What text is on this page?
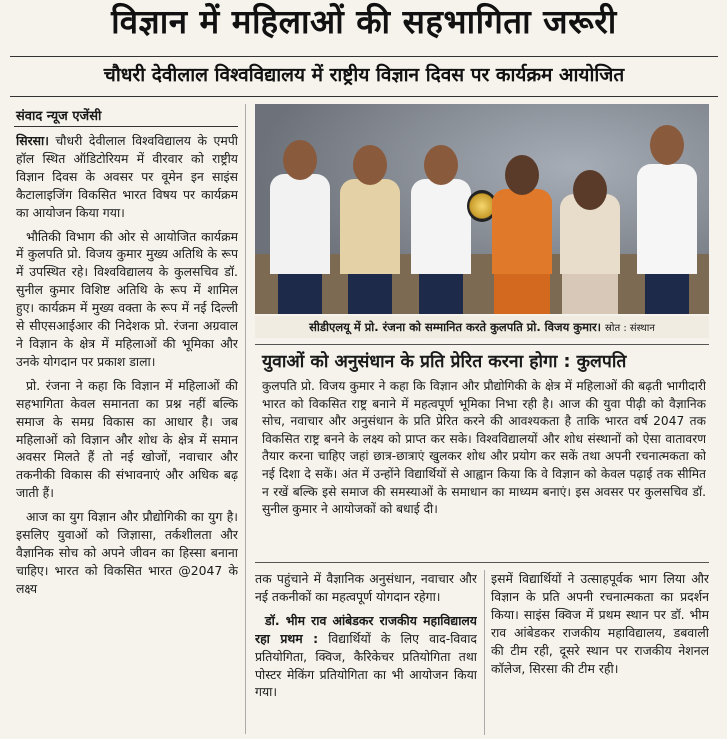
विज्ञान में महिलाओं की सहभागिता जरूरी
चौधरी देवीलाल विश्वविद्यालय में राष्ट्रीय विज्ञान दिवस पर कार्यक्रम आयोजित
संवाद न्यूज एजेंसी

सिरसा। चौधरी देवीलाल विश्वविद्यालय के एमपी हॉल स्थित ऑडिटोरियम में वीरवार को राष्ट्रीय विज्ञान दिवस के अवसर पर वूमेन इन साइंस कैटालाइजिंग विकसित भारत विषय पर कार्यक्रम का आयोजन किया गया।

भौतिकी विभाग की ओर से आयोजित कार्यक्रम में कुलपति प्रो. विजय कुमार मुख्य अतिथि के रूप में उपस्थित रहे। विश्वविद्यालय के कुलसचिव डॉ. सुनील कुमार विशिष्ट अतिथि के रूप में शामिल हुए। कार्यक्रम में मुख्य वक्ता के रूप में नई दिल्ली से सीएसआईआर की निदेशक प्रो. रंजना अग्रवाल ने विज्ञान के क्षेत्र में महिलाओं की भूमिका और उनके योगदान पर प्रकाश डाला।

प्रो. रंजना ने कहा कि विज्ञान में महिलाओं की सहभागिता केवल समानता का प्रश्न नहीं बल्कि समाज के समग्र विकास का आधार है। जब महिलाओं को विज्ञान और शोध के क्षेत्र में समान अवसर मिलते हैं तो नई खोजों, नवाचार और तकनीकी विकास की संभावनाएं और अधिक बढ़ जाती हैं।

आज का युग विज्ञान और प्रौद्योगिकी का युग है। इसलिए युवाओं को जिज्ञासा, तर्कशीलता और वैज्ञानिक सोच को अपने जीवन का हिस्सा बनाना चाहिए। भारत को विकसित भारत @2047 के लक्ष्य

सीडीएलयू में प्रो. रंजना को सम्मानित करते कुलपति प्रो. विजय कुमार। स्रोत : संस्थान
युवाओं को अनुसंधान के प्रति प्रेरित करना होगा : कुलपति

कुलपति प्रो. विजय कुमार ने कहा कि विज्ञान और प्रौद्योगिकी के क्षेत्र में महिलाओं की बढ़ती भागीदारी भारत को विकसित राष्ट्र बनाने में महत्वपूर्ण भूमिका निभा रही है। आज की युवा पीढ़ी को वैज्ञानिक सोच, नवाचार और अनुसंधान के प्रति प्रेरित करने की आवश्यकता है ताकि भारत वर्ष 2047 तक विकसित राष्ट्र बनने के लक्ष्य को प्राप्त कर सके। विश्वविद्यालयों और शोध संस्थानों को ऐसा वातावरण तैयार करना चाहिए जहां छात्र-छात्राएं खुलकर शोध और प्रयोग कर सकें तथा अपनी रचनात्मकता को नई दिशा दे सकें। अंत में उन्होंने विद्यार्थियों से आह्वान किया कि वे विज्ञान को केवल पढ़ाई तक सीमित न रखें बल्कि इसे समाज की समस्याओं के समाधान का माध्यम बनाएं। इस अवसर पर कुलसचिव डॉ. सुनील कुमार ने आयोजकों को बधाई दी।

तक पहुंचाने में वैज्ञानिक अनुसंधान, नवाचार और नई तकनीकों का महत्वपूर्ण योगदान रहेगा।

डॉ. भीम राव आंबेडकर राजकीय महाविद्यालय रहा प्रथम : विद्यार्थियों के लिए वाद-विवाद प्रतियोगिता, क्विज, कैरिकेचर प्रतियोगिता तथा पोस्टर मेकिंग प्रतियोगिता का भी आयोजन किया गया।

इसमें विद्यार्थियों ने उत्साहपूर्वक भाग लिया और विज्ञान के प्रति अपनी रचनात्मकता का प्रदर्शन किया। साइंस क्विज में प्रथम स्थान पर डॉ. भीम राव आंबेडकर राजकीय महाविद्यालय, डबवाली की टीम रही, दूसरे स्थान पर राजकीय नेशनल कॉलेज, सिरसा की टीम रही।
